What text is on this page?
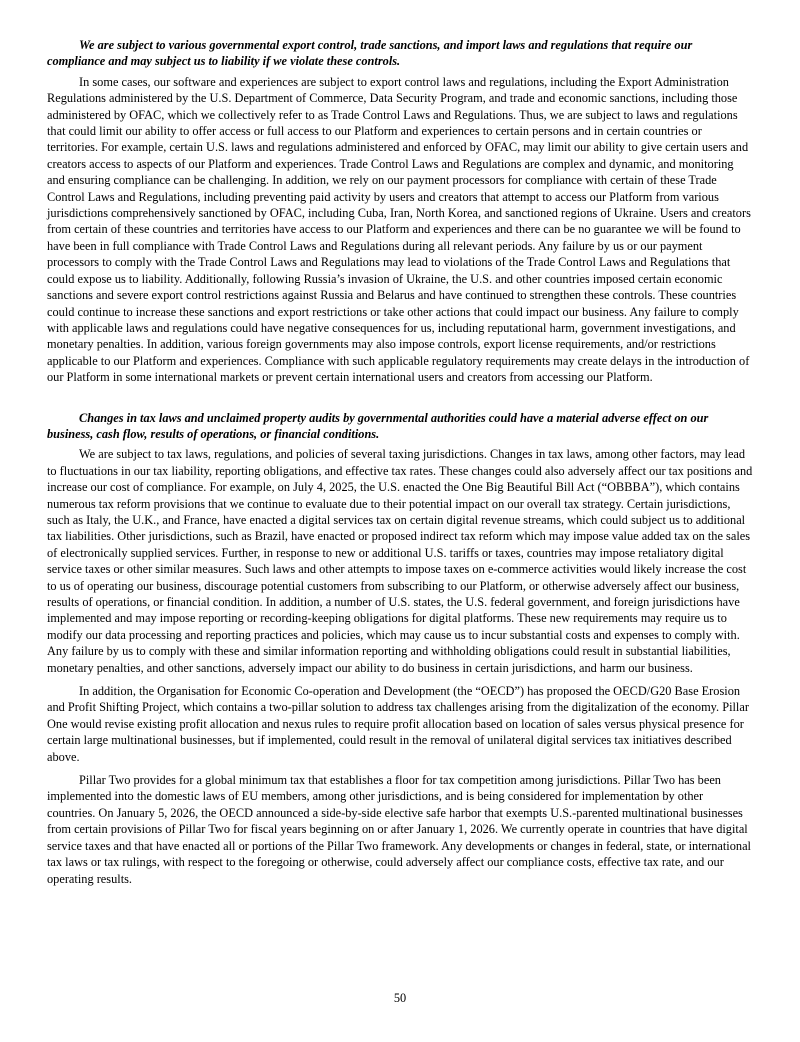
We are subject to various governmental export control, trade sanctions, and import laws and regulations that require our compliance and may subject us to liability if we violate these controls.

In some cases, our software and experiences are subject to export control laws and regulations, including the Export Administration Regulations administered by the U.S. Department of Commerce, Data Security Program, and trade and economic sanctions, including those administered by OFAC, which we collectively refer to as Trade Control Laws and Regulations. Thus, we are subject to laws and regulations that could limit our ability to offer access or full access to our Platform and experiences to certain persons and in certain countries or territories. For example, certain U.S. laws and regulations administered and enforced by OFAC, may limit our ability to give certain users and creators access to aspects of our Platform and experiences. Trade Control Laws and Regulations are complex and dynamic, and monitoring and ensuring compliance can be challenging. In addition, we rely on our payment processors for compliance with certain of these Trade Control Laws and Regulations, including preventing paid activity by users and creators that attempt to access our Platform from various jurisdictions comprehensively sanctioned by OFAC, including Cuba, Iran, North Korea, and sanctioned regions of Ukraine. Users and creators from certain of these countries and territories have access to our Platform and experiences and there can be no guarantee we will be found to have been in full compliance with Trade Control Laws and Regulations during all relevant periods. Any failure by us or our payment processors to comply with the Trade Control Laws and Regulations may lead to violations of the Trade Control Laws and Regulations that could expose us to liability. Additionally, following Russia’s invasion of Ukraine, the U.S. and other countries imposed certain economic sanctions and severe export control restrictions against Russia and Belarus and have continued to strengthen these controls. These countries could continue to increase these sanctions and export restrictions or take other actions that could impact our business. Any failure to comply with applicable laws and regulations could have negative consequences for us, including reputational harm, government investigations, and monetary penalties. In addition, various foreign governments may also impose controls, export license requirements, and/or restrictions applicable to our Platform and experiences. Compliance with such applicable regulatory requirements may create delays in the introduction of our Platform in some international markets or prevent certain international users and creators from accessing our Platform.

Changes in tax laws and unclaimed property audits by governmental authorities could have a material adverse effect on our business, cash flow, results of operations, or financial conditions.

We are subject to tax laws, regulations, and policies of several taxing jurisdictions. Changes in tax laws, among other factors, may lead to fluctuations in our tax liability, reporting obligations, and effective tax rates. These changes could also adversely affect our tax positions and increase our cost of compliance. For example, on July 4, 2025, the U.S. enacted the One Big Beautiful Bill Act (“OBBBA”), which contains numerous tax reform provisions that we continue to evaluate due to their potential impact on our overall tax strategy. Certain jurisdictions, such as Italy, the U.K., and France, have enacted a digital services tax on certain digital revenue streams, which could subject us to additional tax liabilities. Other jurisdictions, such as Brazil, have enacted or proposed indirect tax reform which may impose value added tax on the sales of electronically supplied services. Further, in response to new or additional U.S. tariffs or taxes, countries may impose retaliatory digital service taxes or other similar measures. Such laws and other attempts to impose taxes on e-commerce activities would likely increase the cost to us of operating our business, discourage potential customers from subscribing to our Platform, or otherwise adversely affect our business, results of operations, or financial condition. In addition, a number of U.S. states, the U.S. federal government, and foreign jurisdictions have implemented and may impose reporting or recording-keeping obligations for digital platforms. These new requirements may require us to modify our data processing and reporting practices and policies, which may cause us to incur substantial costs and expenses to comply with. Any failure by us to comply with these and similar information reporting and withholding obligations could result in substantial liabilities, monetary penalties, and other sanctions, adversely impact our ability to do business in certain jurisdictions, and harm our business.

In addition, the Organisation for Economic Co-operation and Development (the “OECD”) has proposed the OECD/G20 Base Erosion and Profit Shifting Project, which contains a two-pillar solution to address tax challenges arising from the digitalization of the economy. Pillar One would revise existing profit allocation and nexus rules to require profit allocation based on location of sales versus physical presence for certain large multinational businesses, but if implemented, could result in the removal of unilateral digital services tax initiatives described above.

Pillar Two provides for a global minimum tax that establishes a floor for tax competition among jurisdictions. Pillar Two has been implemented into the domestic laws of EU members, among other jurisdictions, and is being considered for implementation by other countries. On January 5, 2026, the OECD announced a side-by-side elective safe harbor that exempts U.S.-parented multinational businesses from certain provisions of Pillar Two for fiscal years beginning on or after January 1, 2026. We currently operate in countries that have digital service taxes and that have enacted all or portions of the Pillar Two framework. Any developments or changes in federal, state, or international tax laws or tax rulings, with respect to the foregoing or otherwise, could adversely affect our compliance costs, effective tax rate, and our operating results.

50
